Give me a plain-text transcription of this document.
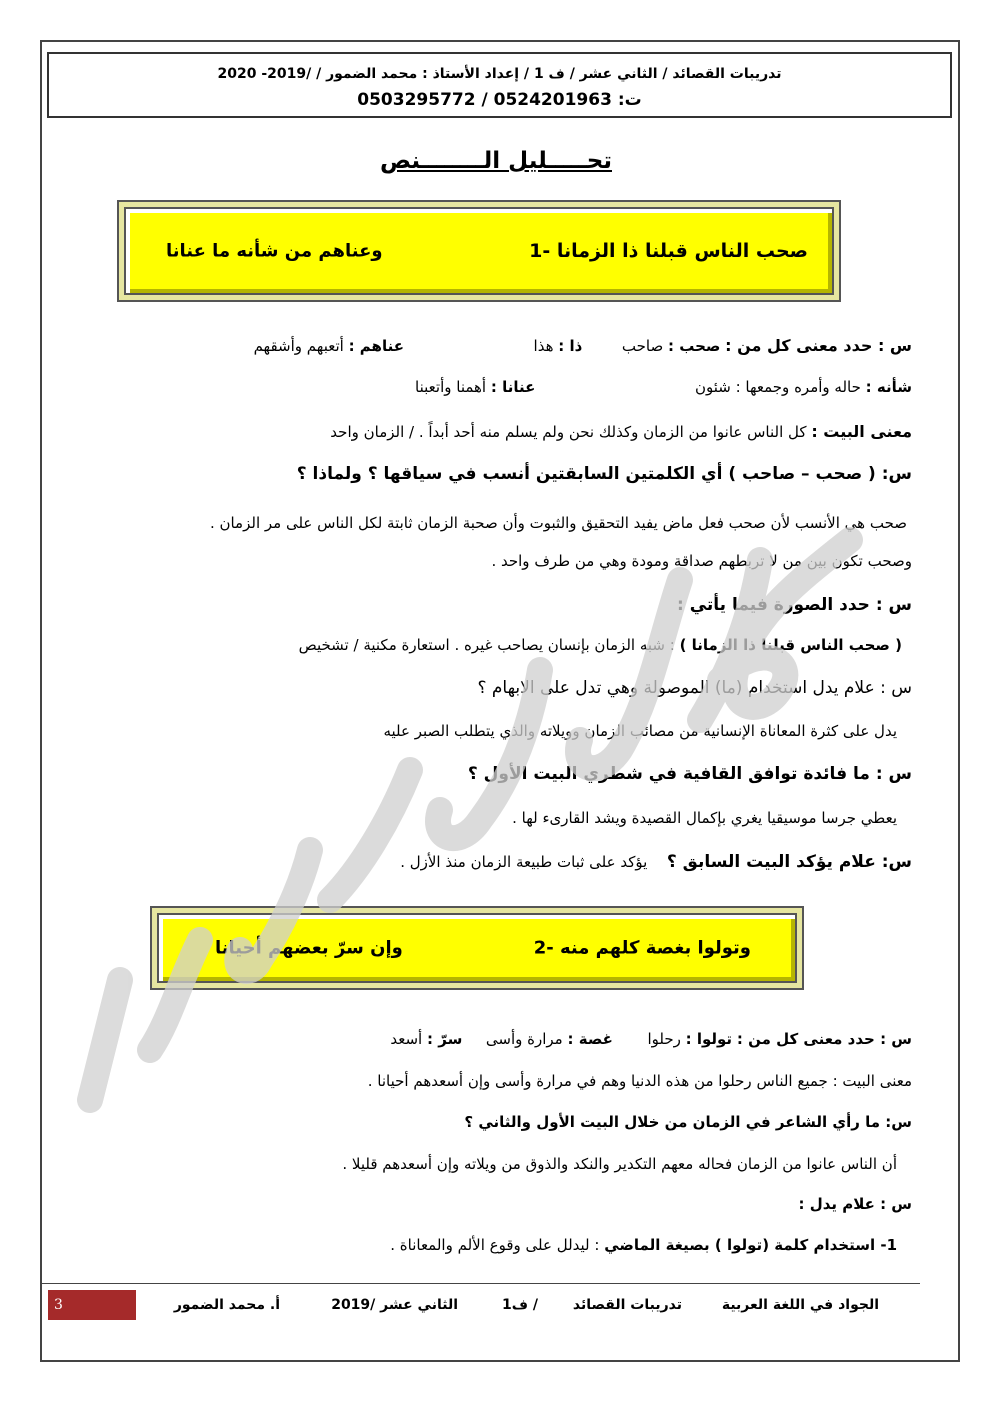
تدريبات القصائد / الثاني عشر / ف 1 / إعداد الأستاذ : محمد الضمور / /2019- 2020
ت: 0524201963 / 0503295772
تحـــــليل الــــــــنص
1- صحب الناس قبلنا ذا الزمانا
وعناهم من شأنه ما عنانا
س : حدد معنى كل من : صحب : صاحب  ذا : هذا  عناهم : أتعبهم وأشقهم
شأنه : حاله وأمره وجمعها : شئون  عنانا : أهمنا وأتعبنا
معنى البيت : كل الناس عانوا من الزمان وكذلك نحن ولم يسلم منه أحد أبداً . / الزمان واحد
س: ( صحب – صاحب ) أي الكلمتين السابقتين أنسب في سياقها ؟ ولماذا ؟
صحب هي الأنسب لأن صحب فعل ماض يفيد التحقيق والثبوت وأن صحبة الزمان ثابتة لكل الناس على مر الزمان .
وصحب تكون بين من لا تربطهم صداقة ومودة وهي من طرف واحد .
س : حدد الصورة فيما يأتي :
( صحب الناس قبلنا ذا الزمانا ) : شبه الزمان بإنسان يصاحب غيره . استعارة مكنية / تشخيص
س : علام يدل استخدام (ما) الموصولة وهي تدل على الابهام ؟
يدل على كثرة المعاناة الإنسانية من مصائب الزمان وويلاته والذي يتطلب الصبر عليه
س : ما فائدة توافق القافية في شطري البيت الأول ؟
يعطي جرسا موسيقيا يغري بإكمال القصيدة ويشد القارىء لها .
س: علام يؤكد البيت السابق ؟  يؤكد على ثبات طبيعة الزمان منذ الأزل .
2- وتولوا بغصة كلهم منه
وإن سرّ بعضهم أحيانا
س : حدد معنى كل من : تولوا : رحلوا  غصة : مرارة وأسى  سرّ : أسعد
معنى البيت : جميع الناس رحلوا من هذه الدنيا وهم في مرارة وأسى وإن أسعدهم أحيانا .
س: ما رأي الشاعر في الزمان من خلال البيت الأول والثاني ؟
أن الناس عانوا من الزمان فحاله معهم التكدير والنكد والذوق من ويلاته وإن أسعدهم قليلا .
س : علام يدل :
1- استخدام كلمة (تولوا ) بصيغة الماضي : ليدلل على وقوع الألم والمعاناة .
3	الجواد في اللغة العربية
تدريبات القصائد
/ ف1
الثاني عشر /2019
أ. محمد الضمور
